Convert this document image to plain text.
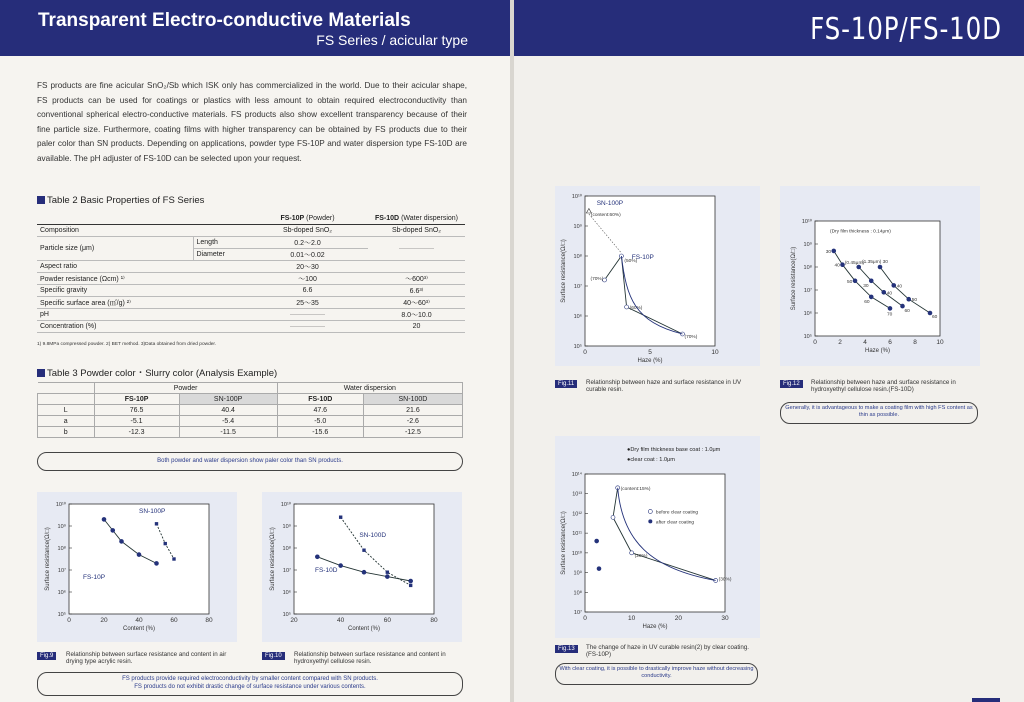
Transparent Electro-conductive Materials
FS Series / acicular type
FS products are fine acicular SnO₂/Sb which ISK only has commercialized in the world. Due to their acicular shape, FS products can be used for coatings or plastics with less amount to obtain required electroconductivity than conventional spherical electro-conductive materials. FS products also show excellent transparency because of their fine particle size. Furthermore, coating films with higher transparency can be obtained by FS products due to their paler color than SN products. Depending on applications, powder type FS-10P and water dispersion type FS-10D are available. The pH adjuster of FS-10D can be selected upon your request.
Table 2 Basic Properties of FS Series
		FS-10P (Powder)	FS-10D (Water dispersion)
Composition		Sb-doped SnO₂	Sb-doped SnO₂
Particle size (μm)	Length	0.2～2.0	―――――
	Diameter	0.01～0.02	
Aspect ratio		20～30	
Powder resistance (Ωcm) ¹⁾		～100	～600³⁾
Specific gravity		6.6	6.6³⁾
Specific surface area (㎡/g) ²⁾		25～35	40～60³⁾
pH		―――――	8.0～10.0
Concentration (%)		―――――	20
1) 9.8MPa compressed powder. 2) BET method. 3)Data obtained from dried powder.
Table 3 Powder color・Slurry color (Analysis Example)
	Powder		Water dispersion	
	FS-10P	SN-100P	FS-10D	SN-100D
L	76.5	40.4	47.6	21.6
a	-5.1	-5.4	-5.0	-2.6
b	-12.3	-11.5	-15.6	-12.5
Both powder and water dispersion show paler color than SN products.
10⁵
10⁶
10⁷
10⁸
10⁹
10¹⁰
0	20	40	60	80
Content (%)
Surface resistance(Ω/□)	FS-10P
SN-100P
10⁵
10⁶
10⁷
10⁸
10⁹
10¹⁰
20	40	60	80
Content (%)
Surface resistance(Ω/□)	FS-10D
SN-100D
Fig.9	Relationship between surface resistance and content in air drying type acrylic resin.
Fig.10	Relationship between surface resistance and content in hydroxyethyl cellulose resin.
FS products provide required electroconductivity by smaller content compared with SN products.
FS products do not exhibit drastic change of surface resistance under various contents.
FS-10P/FS-10D
10⁵
10⁶
10⁷
10⁸
10⁹
10¹⁰
0	5	10
Haze (%)
Surface resistance(Ω/□)
(content:60%)
SN-100P
(70%)
(50%)
(60%)
(70%)
FS-10P
Fig.11	Relationship between haze and surface resistance in UV curable resin.
10⁵
10⁶
10⁷
10⁸
10⁹
10¹⁰
0	2	4	6	8	10
Haze (%)
Surface resistance(Ω/□)	30
40
50
60
70
(0.45μm)
30
40
60
(1.35μm) 30
40
50
60
(Dry film thickness : 0.14μm)
Fig.12	Relationship between haze and surface resistance in hydroxyethyl cellulose resin.(FS-10D)
Generally, it is advantageous to make a coating film with high FS content as thin as possible.
10⁷
10⁸
10⁹
10¹⁰
10¹¹
10¹²
10¹³
10¹⁴
0	10	20	30
Haze (%)
Surface resistance(Ω/□)
(content:15%)
(20%)
(30%)
●Dry film thickness base coat : 1.0μm
●clear coat : 1.0μm
before clear coating
after clear coating
Fig.13	The change of haze in UV curable resin(2) by clear coating. (FS-10P)
With clear coating, it is possible to drastically improve haze without decreasing conductivity.
